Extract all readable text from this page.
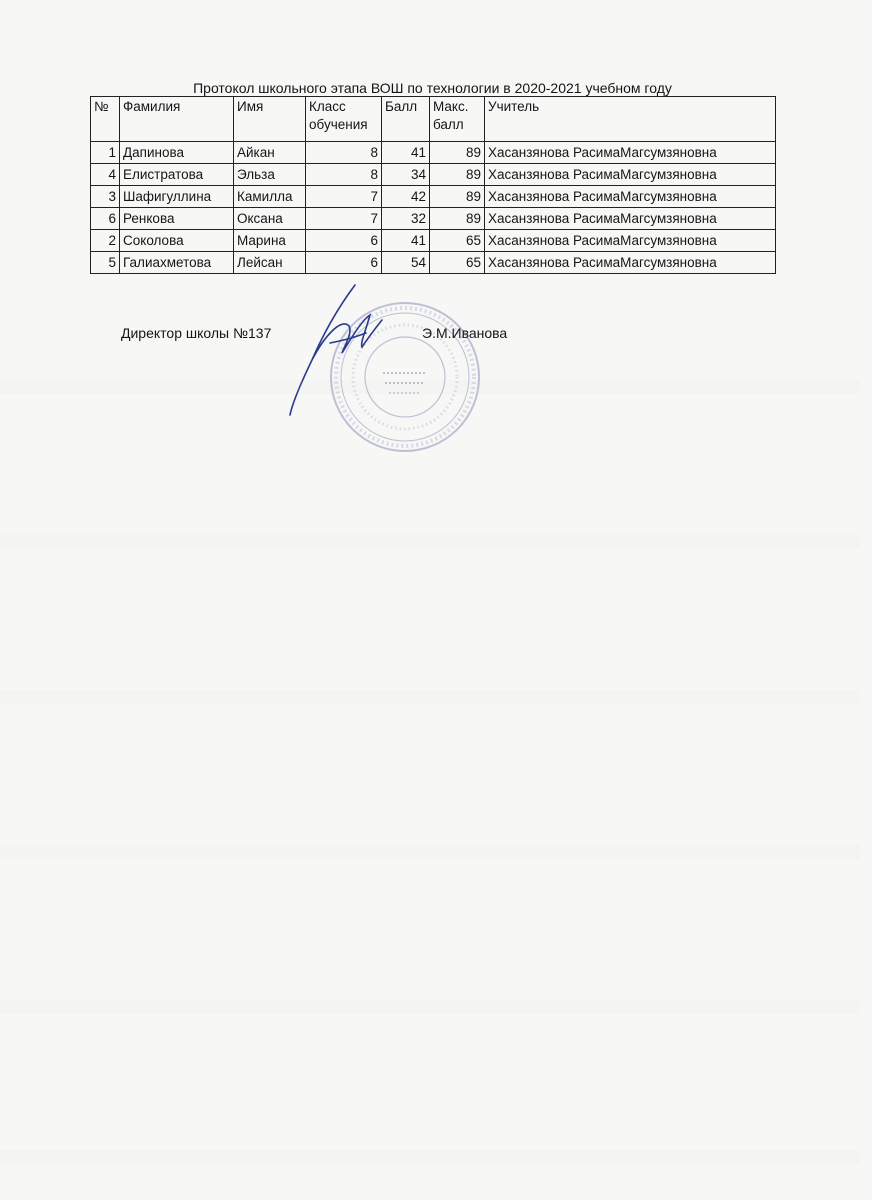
Протокол школьного этапа ВОШ по технологии в 2020-2021 учебном году
№	Фамилия	Имя	Класс обучения	Балл	Макс. балл	Учитель
1	Дапинова	Айкан	8	41	89	Хасанзянова РасимаМагсумзяновна
4	Елистратова	Эльза	8	34	89	Хасанзянова РасимаМагсумзяновна
3	Шафигуллина	Камилла	7	42	89	Хасанзянова РасимаМагсумзяновна
6	Ренкова	Оксана	7	32	89	Хасанзянова РасимаМагсумзяновна
2	Соколова	Марина	6	41	65	Хасанзянова РасимаМагсумзяновна
5	Галиахметова	Лейсан	6	54	65	Хасанзянова РасимаМагсумзяновна
Директор школы №137	Э.М.Иванова
